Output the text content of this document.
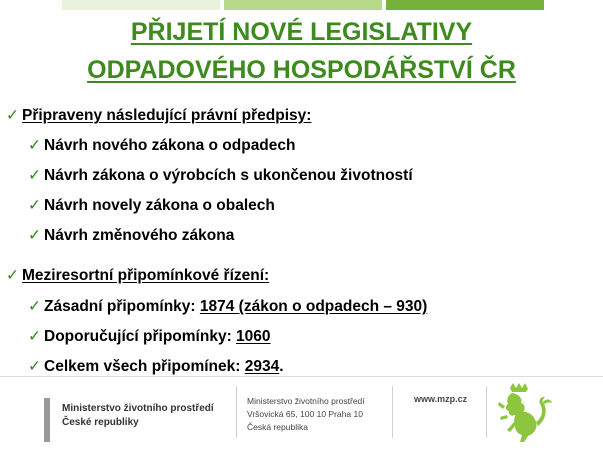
PŘIJETÍ NOVÉ LEGISLATIVY
ODPADOVÉHO HOSPODÁŘSTVÍ ČR
✓ Připraveny následující právní předpisy:
✓ Návrh nového zákona o odpadech
✓ Návrh zákona o výrobcích s ukončenou životností
✓ Návrh novely zákona o obalech
✓ Návrh změnového zákona
✓ Meziresortní připomínkové řízení:
✓ Zásadní připomínky: 1874 (zákon o odpadech – 930)
✓ Doporučující připomínky: 1060
✓ Celkem všech připomínek: 2934.
Ministerstvo životního prostředí
České republiky
Ministerstvo životního prostředí
Vršovická 65, 100 10 Praha 10
Česká republika
www.mzp.cz
